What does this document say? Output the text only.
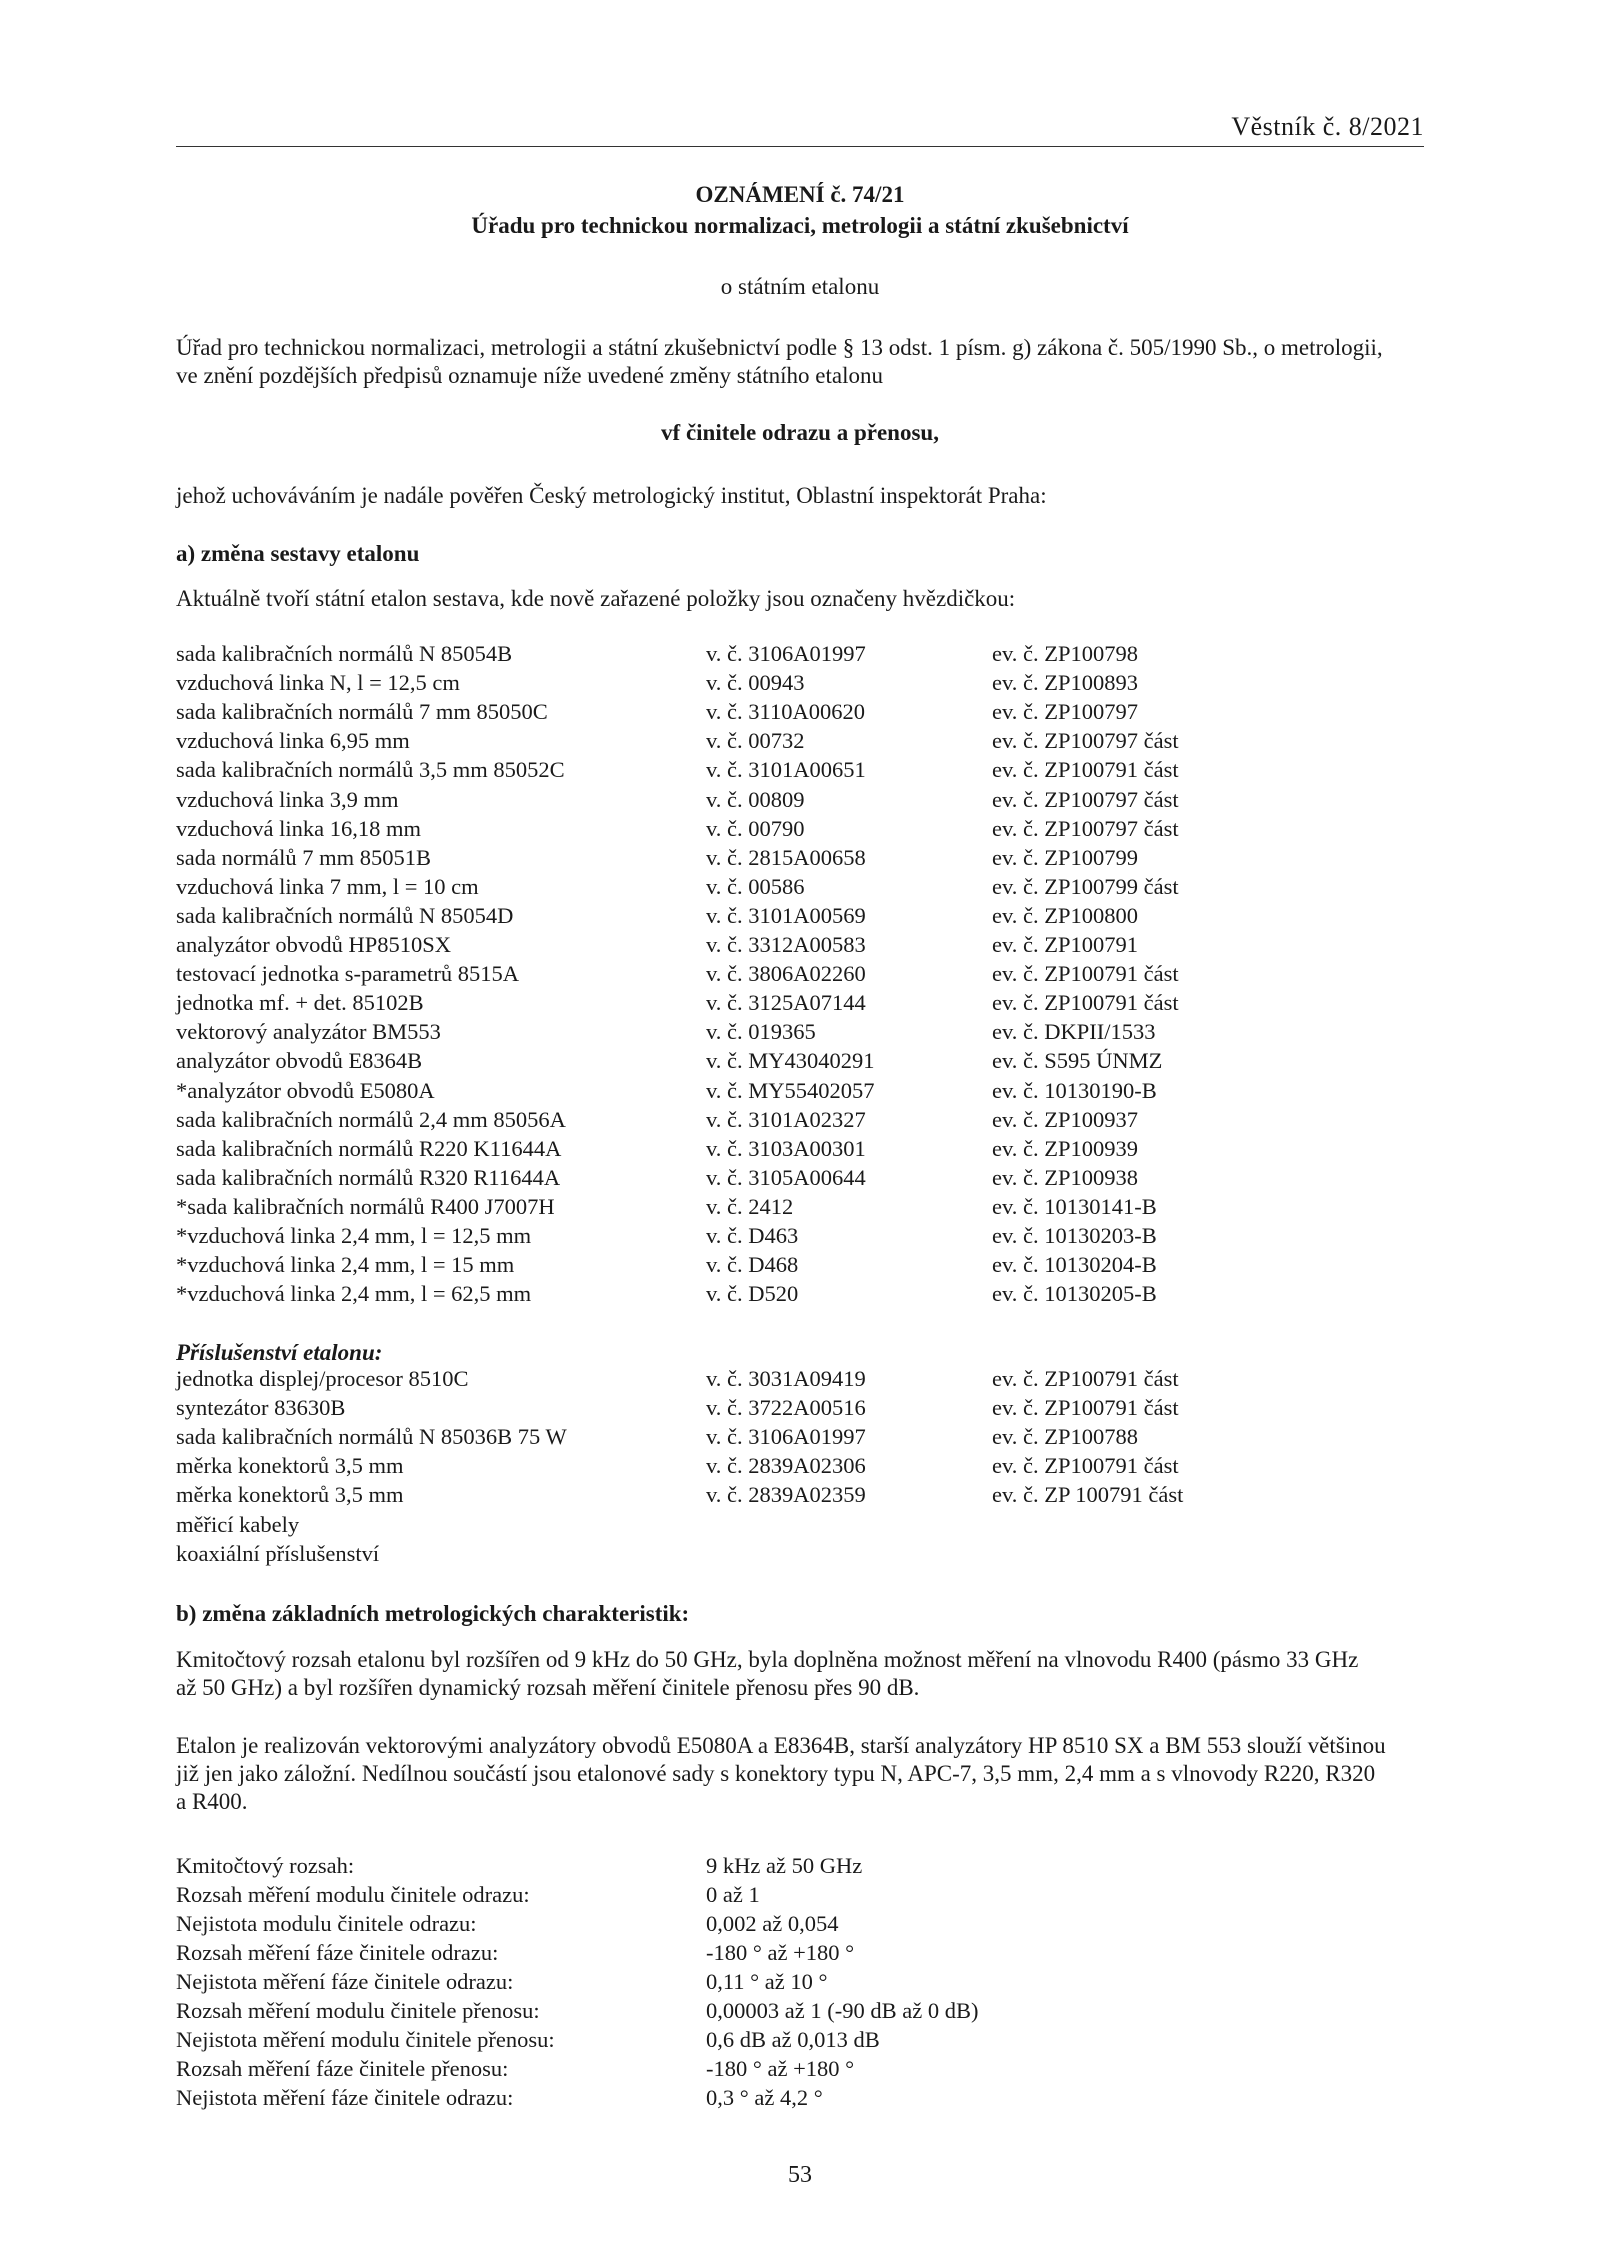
Věstník č. 8/2021
OZNÁMENÍ č. 74/21
Úřadu pro technickou normalizaci, metrologii a státní zkušebnictví
o státním etalonu
Úřad pro technickou normalizaci, metrologii a státní zkušebnictví podle § 13 odst. 1 písm. g) zákona č. 505/1990 Sb., o metrologii,
ve znění pozdějších předpisů oznamuje níže uvedené změny státního etalonu
vf činitele odrazu a přenosu,
jehož uchováváním je nadále pověřen Český metrologický institut, Oblastní inspektorát Praha:
a) změna sestavy etalonu
Aktuálně tvoří státní etalon sestava, kde nově zařazené položky jsou označeny hvězdičkou:
sada kalibračních normálů N 85054B	v. č. 3106A01997	ev. č. ZP100798
vzduchová linka N, l = 12,5 cm	v. č. 00943	ev. č. ZP100893
sada kalibračních normálů 7 mm 85050C	v. č. 3110A00620	ev. č. ZP100797
vzduchová linka 6,95 mm	v. č. 00732	ev. č. ZP100797 část
sada kalibračních normálů 3,5 mm 85052C	v. č. 3101A00651	ev. č. ZP100791 část
vzduchová linka 3,9 mm	v. č. 00809	ev. č. ZP100797 část
vzduchová linka 16,18 mm	v. č. 00790	ev. č. ZP100797 část
sada normálů 7 mm 85051B	v. č. 2815A00658	ev. č. ZP100799
vzduchová linka 7 mm, l = 10 cm	v. č. 00586	ev. č. ZP100799 část
sada kalibračních normálů N 85054D	v. č. 3101A00569	ev. č. ZP100800
analyzátor obvodů HP8510SX	v. č. 3312A00583	ev. č. ZP100791
testovací jednotka s-parametrů 8515A	v. č. 3806A02260	ev. č. ZP100791 část
jednotka mf. + det. 85102B	v. č. 3125A07144	ev. č. ZP100791 část
vektorový analyzátor BM553	v. č. 019365	ev. č. DKPII/1533
analyzátor obvodů E8364B	v. č. MY43040291	ev. č. S595 ÚNMZ
*analyzátor obvodů E5080A	v. č. MY55402057	ev. č. 10130190-B
sada kalibračních normálů 2,4 mm 85056A	v. č. 3101A02327	ev. č. ZP100937
sada kalibračních normálů R220 K11644A	v. č. 3103A00301	ev. č. ZP100939
sada kalibračních normálů R320 R11644A	v. č. 3105A00644	ev. č. ZP100938
*sada kalibračních normálů R400 J7007H	v. č. 2412	ev. č. 10130141-B
*vzduchová linka 2,4 mm, l = 12,5 mm	v. č. D463	ev. č. 10130203-B
*vzduchová linka 2,4 mm, l = 15 mm	v. č. D468	ev. č. 10130204-B
*vzduchová linka 2,4 mm, l = 62,5 mm	v. č. D520	ev. č. 10130205-B
Příslušenství etalonu:
jednotka displej/procesor 8510C	v. č. 3031A09419	ev. č. ZP100791 část
syntezátor 83630B	v. č. 3722A00516	ev. č. ZP100791 část
sada kalibračních normálů N 85036B 75 W	v. č. 3106A01997	ev. č. ZP100788
měrka konektorů 3,5 mm	v. č. 2839A02306	ev. č. ZP100791 část
měrka konektorů 3,5 mm	v. č. 2839A02359	ev. č. ZP 100791 část
měřicí kabely
koaxiální příslušenství
b) změna základních metrologických charakteristik:
Kmitočtový rozsah etalonu byl rozšířen od 9 kHz do 50 GHz, byla doplněna možnost měření na vlnovodu R400 (pásmo 33 GHz
až 50 GHz) a byl rozšířen dynamický rozsah měření činitele přenosu přes 90 dB.
Etalon je realizován vektorovými analyzátory obvodů E5080A a E8364B, starší analyzátory HP 8510 SX a BM 553 slouží většinou
již jen jako záložní. Nedílnou součástí jsou etalonové sady s konektory typu N, APC-7, 3,5 mm, 2,4 mm a s vlnovody R220, R320
a R400.
Kmitočtový rozsah:	9 kHz až 50 GHz
Rozsah měření modulu činitele odrazu:	0 až 1
Nejistota modulu činitele odrazu:	0,002 až 0,054
Rozsah měření fáze činitele odrazu:	-180 ° až +180 °
Nejistota měření fáze činitele odrazu:	0,11 ° až 10 °
Rozsah měření modulu činitele přenosu:	0,00003 až 1 (-90 dB až 0 dB)
Nejistota měření modulu činitele přenosu:	0,6 dB až 0,013 dB
Rozsah měření fáze činitele přenosu:	-180 ° až +180 °
Nejistota měření fáze činitele odrazu:	0,3 ° až 4,2 °
53
